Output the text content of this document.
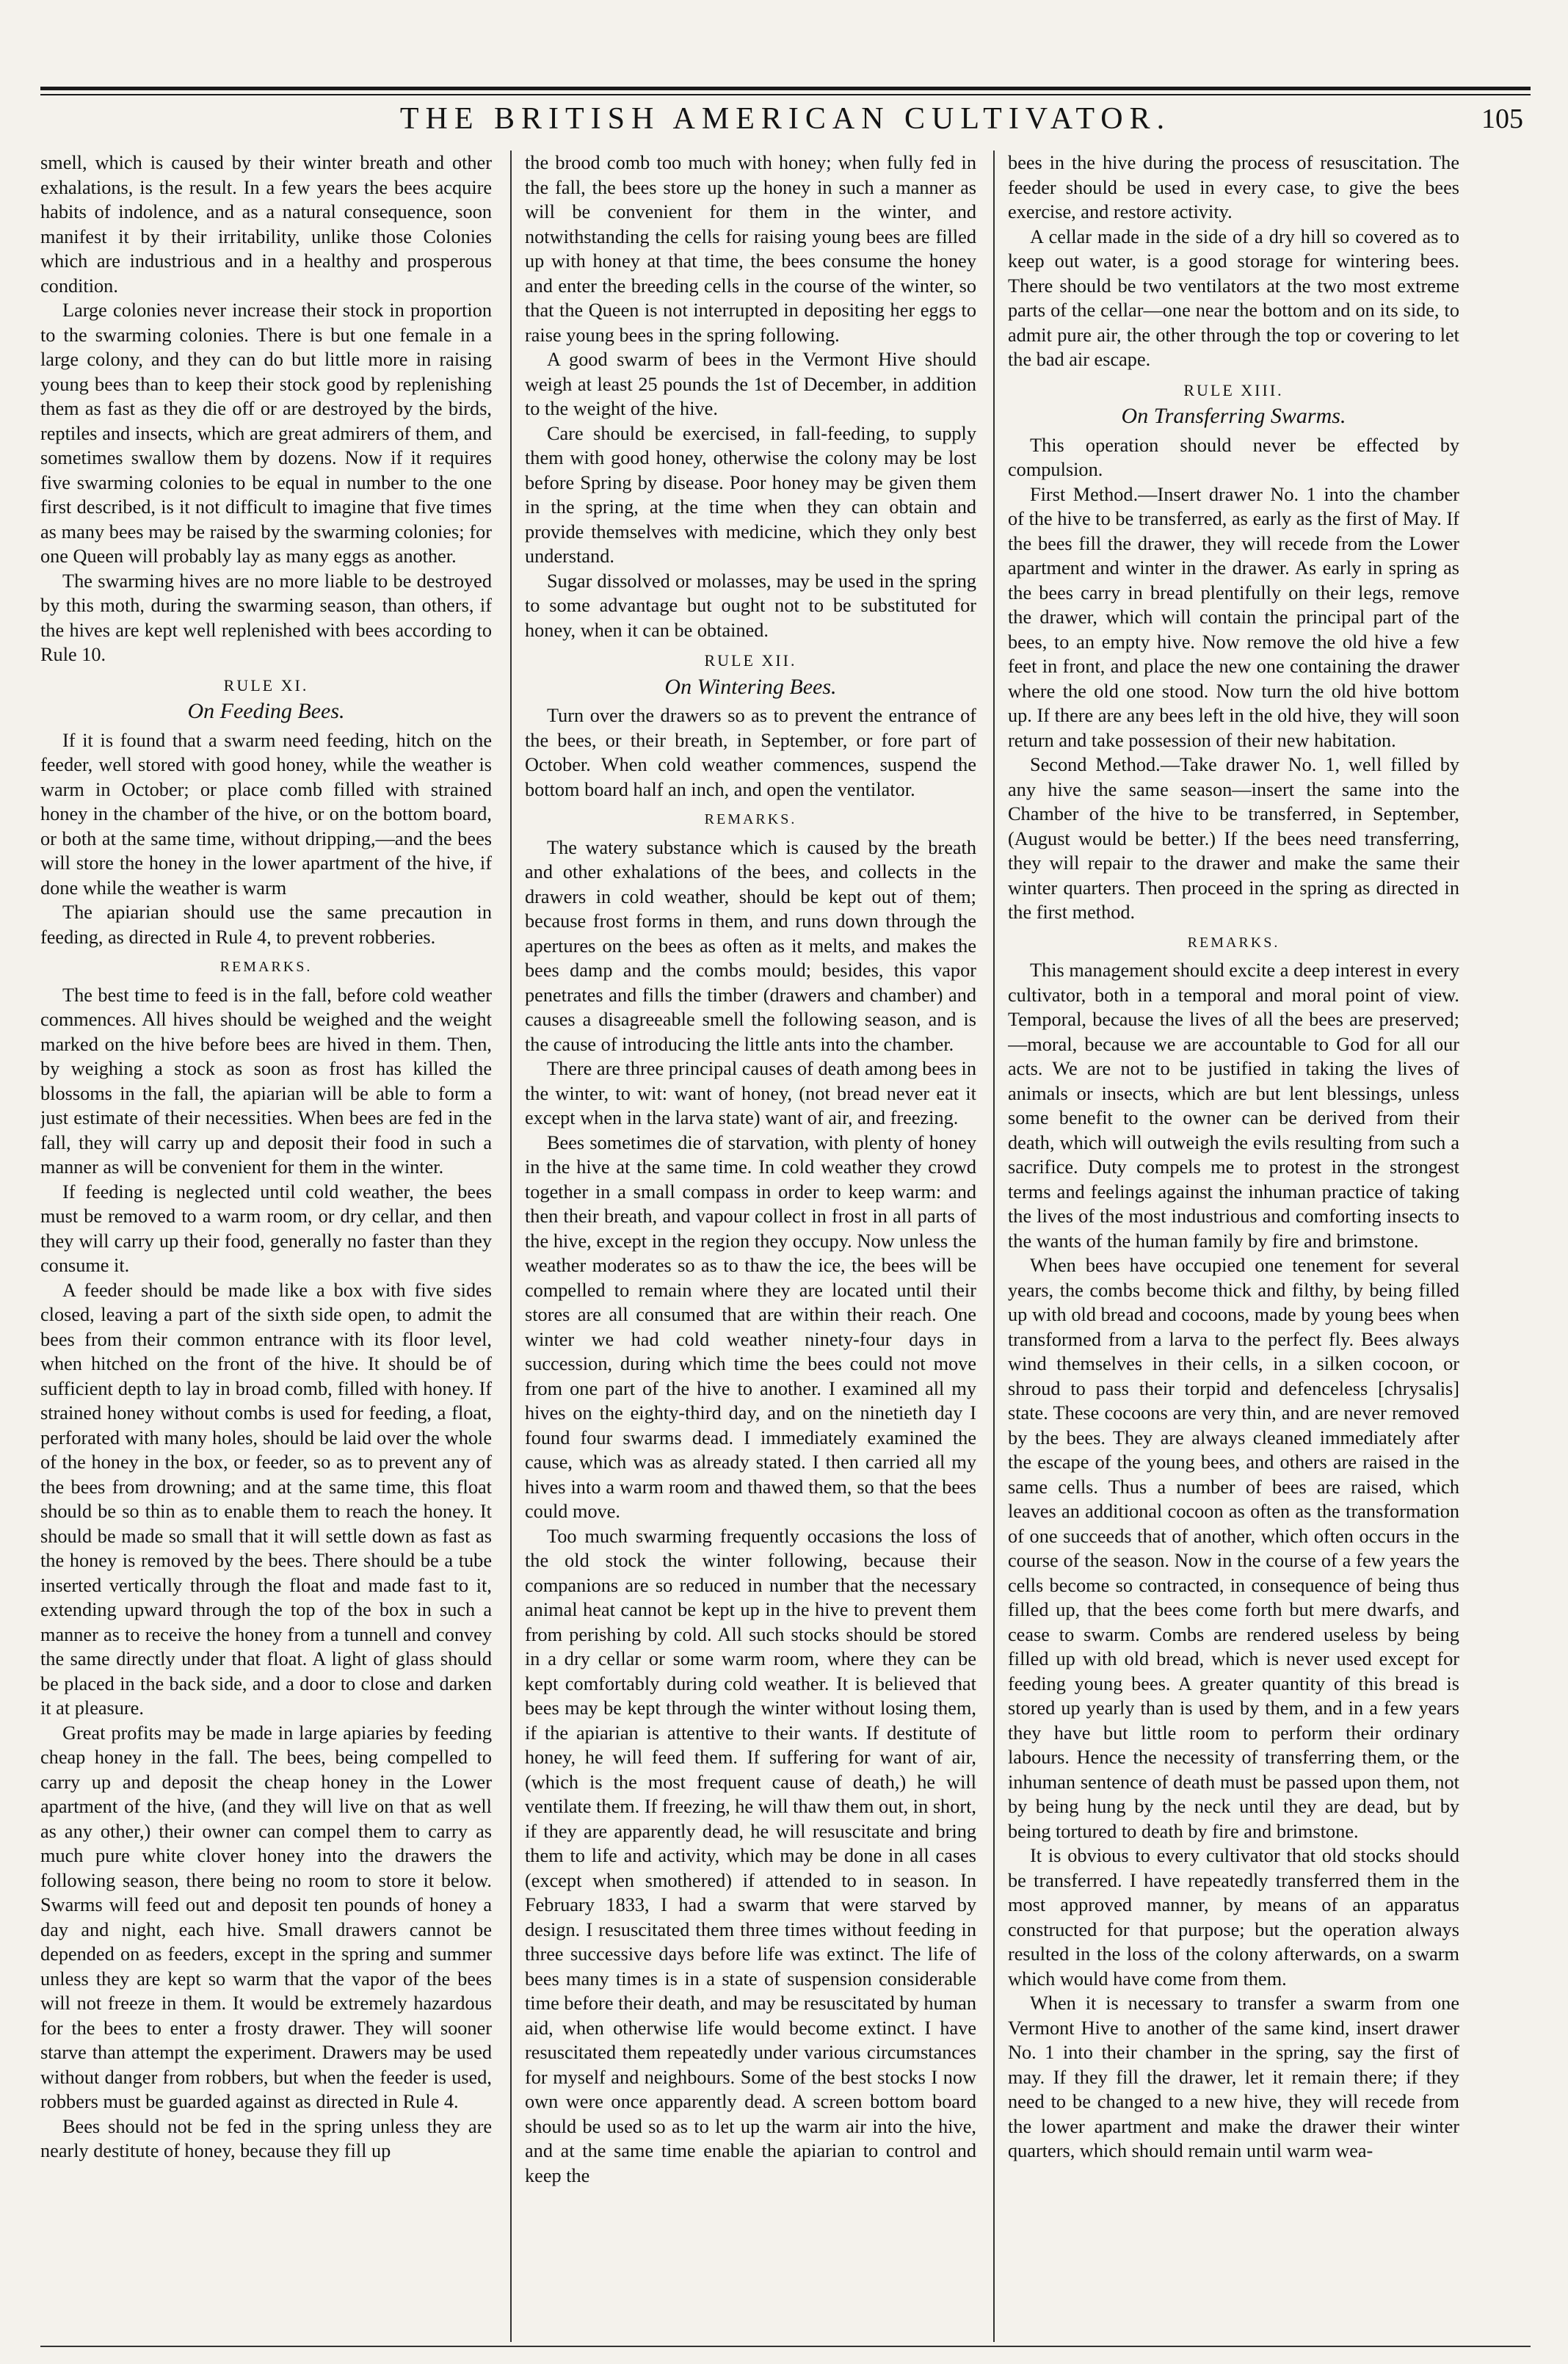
THE BRITISH AMERICAN CULTIVATOR.	105

smell, which is caused by their winter breath and other exhalations, is the result. In a few years the bees acquire habits of indolence, and as a natural consequence, soon manifest it by their irritability, unlike those Colonies which are industrious and in a healthy and prosperous condition.

Large colonies never increase their stock in proportion to the swarming colonies. There is but one female in a large colony, and they can do but little more in raising young bees than to keep their stock good by replenishing them as fast as they die off or are destroyed by the birds, reptiles and insects, which are great admirers of them, and sometimes swallow them by dozens. Now if it requires five swarming colonies to be equal in number to the one first described, is it not difficult to imagine that five times as many bees may be raised by the swarming colonies; for one Queen will probably lay as many eggs as another.

The swarming hives are no more liable to be destroyed by this moth, during the swarming season, than others, if the hives are kept well replenished with bees according to Rule 10.

RULE XI.
On Feeding Bees.

If it is found that a swarm need feeding, hitch on the feeder, well stored with good honey, while the weather is warm in October; or place comb filled with strained honey in the chamber of the hive, or on the bottom board, or both at the same time, without dripping,—and the bees will store the honey in the lower apartment of the hive, if done while the weather is warm

The apiarian should use the same precaution in feeding, as directed in Rule 4, to prevent robberies.

REMARKS.

The best time to feed is in the fall, before cold weather commences. All hives should be weighed and the weight marked on the hive before bees are hived in them. Then, by weighing a stock as soon as frost has killed the blossoms in the fall, the apiarian will be able to form a just estimate of their necessities. When bees are fed in the fall, they will carry up and deposit their food in such a manner as will be convenient for them in the winter.

If feeding is neglected until cold weather, the bees must be removed to a warm room, or dry cellar, and then they will carry up their food, generally no faster than they consume it.

A feeder should be made like a box with five sides closed, leaving a part of the sixth side open, to admit the bees from their common entrance with its floor level, when hitched on the front of the hive. It should be of sufficient depth to lay in broad comb, filled with honey. If strained honey without combs is used for feeding, a float, perforated with many holes, should be laid over the whole of the honey in the box, or feeder, so as to prevent any of the bees from drowning; and at the same time, this float should be so thin as to enable them to reach the honey. It should be made so small that it will settle down as fast as the honey is removed by the bees. There should be a tube inserted vertically through the float and made fast to it, extending upward through the top of the box in such a manner as to receive the honey from a tunnell and convey the same directly under that float. A light of glass should be placed in the back side, and a door to close and darken it at pleasure.

Great profits may be made in large apiaries by feeding cheap honey in the fall. The bees, being compelled to carry up and deposit the cheap honey in the Lower apartment of the hive, (and they will live on that as well as any other,) their owner can compel them to carry as much pure white clover honey into the drawers the following season, there being no room to store it below. Swarms will feed out and deposit ten pounds of honey a day and night, each hive. Small drawers cannot be depended on as feeders, except in the spring and summer unless they are kept so warm that the vapor of the bees will not freeze in them. It would be extremely hazardous for the bees to enter a frosty drawer. They will sooner starve than attempt the experiment. Drawers may be used without danger from robbers, but when the feeder is used, robbers must be guarded against as directed in Rule 4.

Bees should not be fed in the spring unless they are nearly destitute of honey, because they fill up

the brood comb too much with honey; when fully fed in the fall, the bees store up the honey in such a manner as will be convenient for them in the winter, and notwithstanding the cells for raising young bees are filled up with honey at that time, the bees consume the honey and enter the breeding cells in the course of the winter, so that the Queen is not interrupted in depositing her eggs to raise young bees in the spring following.

A good swarm of bees in the Vermont Hive should weigh at least 25 pounds the 1st of December, in addition to the weight of the hive.

Care should be exercised, in fall-feeding, to supply them with good honey, otherwise the colony may be lost before Spring by disease. Poor honey may be given them in the spring, at the time when they can obtain and provide themselves with medicine, which they only best understand.

Sugar dissolved or molasses, may be used in the spring to some advantage but ought not to be substituted for honey, when it can be obtained.

RULE XII.
On Wintering Bees.

Turn over the drawers so as to prevent the entrance of the bees, or their breath, in September, or fore part of October. When cold weather commences, suspend the bottom board half an inch, and open the ventilator.

REMARKS.

The watery substance which is caused by the breath and other exhalations of the bees, and collects in the drawers in cold weather, should be kept out of them; because frost forms in them, and runs down through the apertures on the bees as often as it melts, and makes the bees damp and the combs mould; besides, this vapor penetrates and fills the timber (drawers and chamber) and causes a disagreeable smell the following season, and is the cause of introducing the little ants into the chamber.

There are three principal causes of death among bees in the winter, to wit: want of honey, (not bread never eat it except when in the larva state) want of air, and freezing.

Bees sometimes die of starvation, with plenty of honey in the hive at the same time. In cold weather they crowd together in a small compass in order to keep warm: and then their breath, and vapour collect in frost in all parts of the hive, except in the region they occupy. Now unless the weather moderates so as to thaw the ice, the bees will be compelled to remain where they are located until their stores are all consumed that are within their reach. One winter we had cold weather ninety-four days in succession, during which time the bees could not move from one part of the hive to another. I examined all my hives on the eighty-third day, and on the ninetieth day I found four swarms dead. I immediately examined the cause, which was as already stated. I then carried all my hives into a warm room and thawed them, so that the bees could move.

Too much swarming frequently occasions the loss of the old stock the winter following, because their companions are so reduced in number that the necessary animal heat cannot be kept up in the hive to prevent them from perishing by cold. All such stocks should be stored in a dry cellar or some warm room, where they can be kept comfortably during cold weather. It is believed that bees may be kept through the winter without losing them, if the apiarian is attentive to their wants. If destitute of honey, he will feed them. If suffering for want of air, (which is the most frequent cause of death,) he will ventilate them. If freezing, he will thaw them out, in short, if they are apparently dead, he will resuscitate and bring them to life and activity, which may be done in all cases (except when smothered) if attended to in season. In February 1833, I had a swarm that were starved by design. I resuscitated them three times without feeding in three successive days before life was extinct. The life of bees many times is in a state of suspension considerable time before their death, and may be resuscitated by human aid, when otherwise life would become extinct. I have resuscitated them repeatedly under various circumstances for myself and neighbours. Some of the best stocks I now own were once apparently dead. A screen bottom board should be used so as to let up the warm air into the hive, and at the same time enable the apiarian to control and keep the

bees in the hive during the process of resuscitation. The feeder should be used in every case, to give the bees exercise, and restore activity.

A cellar made in the side of a dry hill so covered as to keep out water, is a good storage for wintering bees. There should be two ventilators at the two most extreme parts of the cellar—one near the bottom and on its side, to admit pure air, the other through the top or covering to let the bad air escape.

RULE XIII.
On Transferring Swarms.

This operation should never be effected by compulsion.

First Method.—Insert drawer No. 1 into the chamber of the hive to be transferred, as early as the first of May. If the bees fill the drawer, they will recede from the Lower apartment and winter in the drawer. As early in spring as the bees carry in bread plentifully on their legs, remove the drawer, which will contain the principal part of the bees, to an empty hive. Now remove the old hive a few feet in front, and place the new one containing the drawer where the old one stood. Now turn the old hive bottom up. If there are any bees left in the old hive, they will soon return and take possession of their new habitation.

Second Method.—Take drawer No. 1, well filled by any hive the same season—insert the same into the Chamber of the hive to be transferred, in September, (August would be better.) If the bees need transferring, they will repair to the drawer and make the same their winter quarters. Then proceed in the spring as directed in the first method.

REMARKS.

This management should excite a deep interest in every cultivator, both in a temporal and moral point of view. Temporal, because the lives of all the bees are preserved;—moral, because we are accountable to God for all our acts. We are not to be justified in taking the lives of animals or insects, which are but lent blessings, unless some benefit to the owner can be derived from their death, which will outweigh the evils resulting from such a sacrifice. Duty compels me to protest in the strongest terms and feelings against the inhuman practice of taking the lives of the most industrious and comforting insects to the wants of the human family by fire and brimstone.

When bees have occupied one tenement for several years, the combs become thick and filthy, by being filled up with old bread and cocoons, made by young bees when transformed from a larva to the perfect fly. Bees always wind themselves in their cells, in a silken cocoon, or shroud to pass their torpid and defenceless [chrysalis] state. These cocoons are very thin, and are never removed by the bees. They are always cleaned immediately after the escape of the young bees, and others are raised in the same cells. Thus a number of bees are raised, which leaves an additional cocoon as often as the transformation of one succeeds that of another, which often occurs in the course of the season. Now in the course of a few years the cells become so contracted, in consequence of being thus filled up, that the bees come forth but mere dwarfs, and cease to swarm. Combs are rendered useless by being filled up with old bread, which is never used except for feeding young bees. A greater quantity of this bread is stored up yearly than is used by them, and in a few years they have but little room to perform their ordinary labours. Hence the necessity of transferring them, or the inhuman sentence of death must be passed upon them, not by being hung by the neck until they are dead, but by being tortured to death by fire and brimstone.

It is obvious to every cultivator that old stocks should be transferred. I have repeatedly transferred them in the most approved manner, by means of an apparatus constructed for that purpose; but the operation always resulted in the loss of the colony afterwards, on a swarm which would have come from them.

When it is necessary to transfer a swarm from one Vermont Hive to another of the same kind, insert drawer No. 1 into their chamber in the spring, say the first of may. If they fill the drawer, let it remain there; if they need to be changed to a new hive, they will recede from the lower apartment and make the drawer their winter quarters, which should remain until warm wea-
